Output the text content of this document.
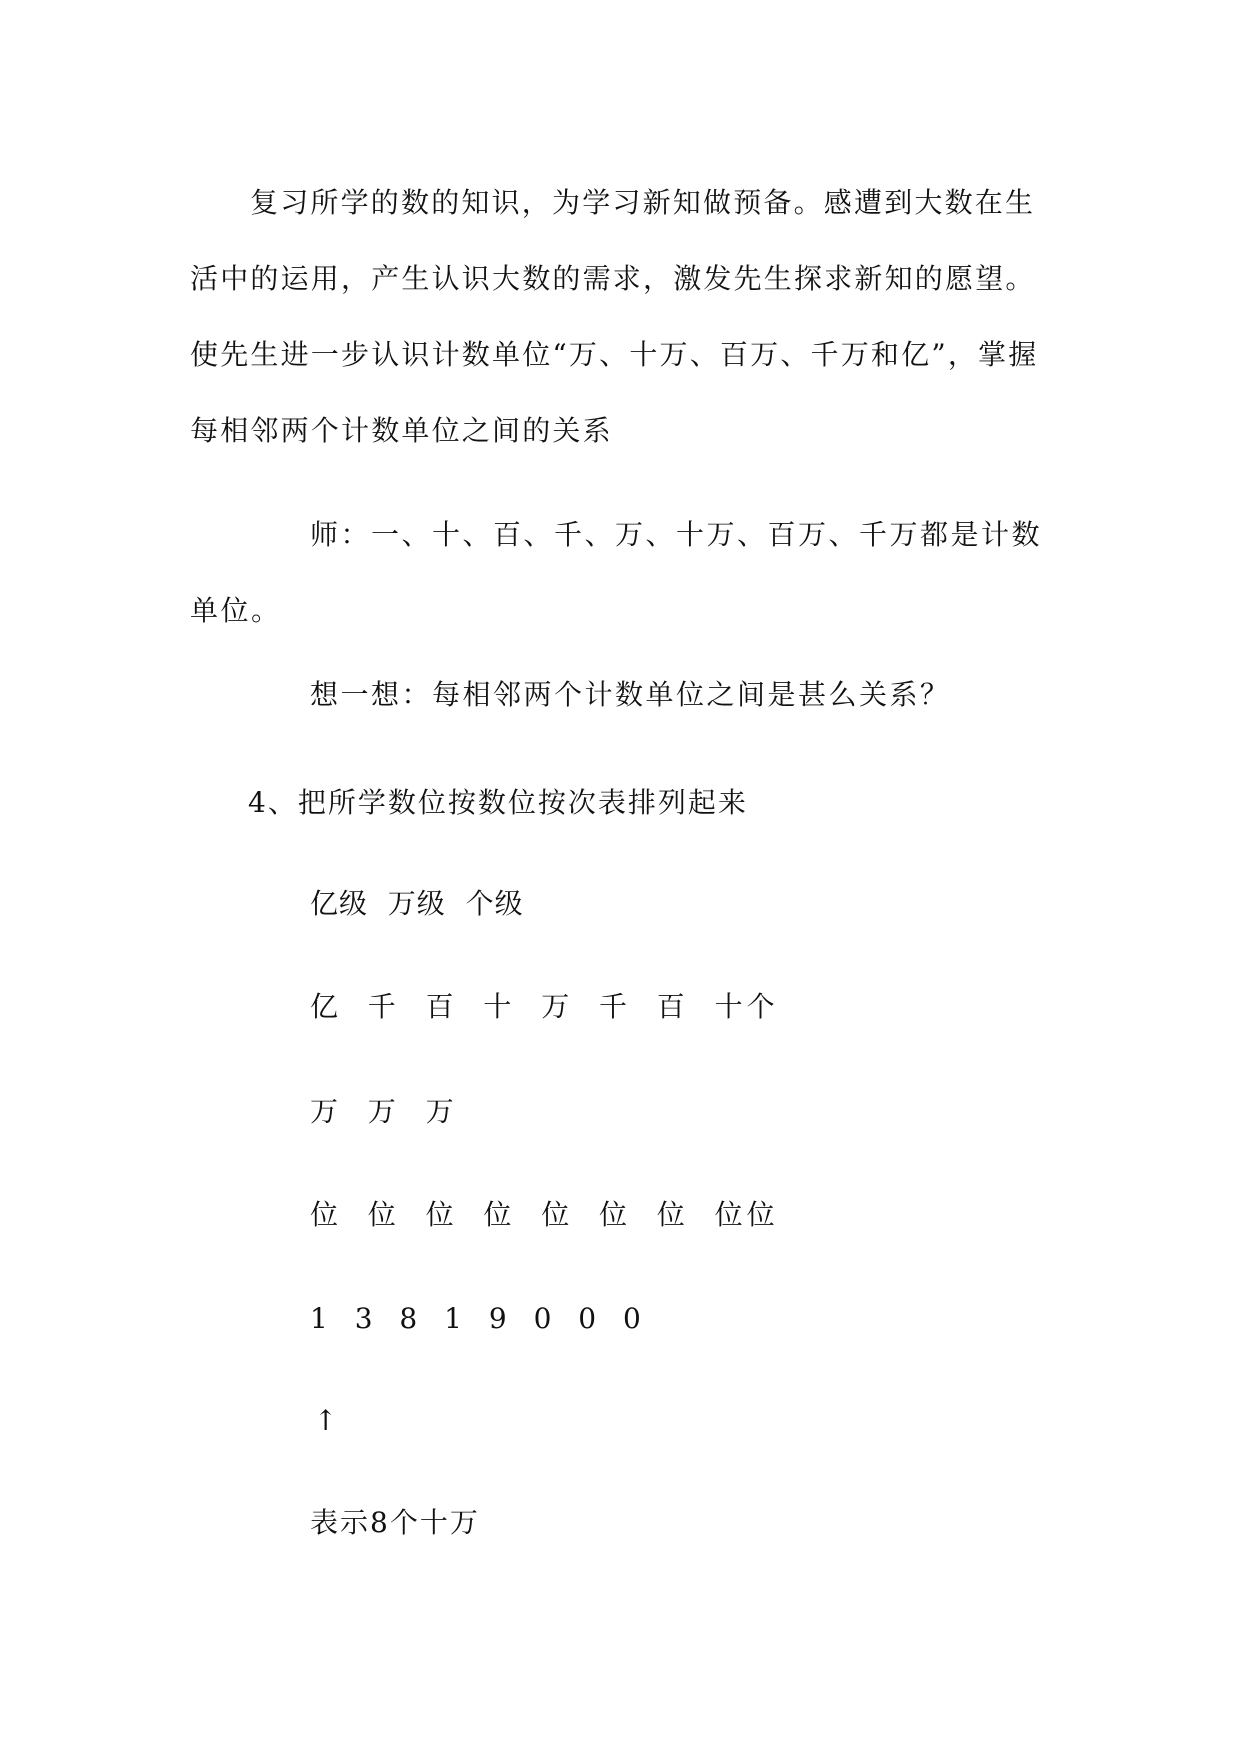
复习所学的数的知识，为学习新知做预备。感遭到大数在生活中的运用，产生认识大数的需求，激发先生探求新知的愿望。使先生进一步认识计数单位“万、十万、百万、千万和亿”，掌握每相邻两个计数单位之间的关系
师：一、十、百、千、万、十万、百万、千万都是计数单位。
想一想：每相邻两个计数单位之间是甚么关系？
4、把所学数位按数位按次表排列起来
亿级  万级  个级
亿  千  百  十  万  千  百  十个
万  万  万
位  位  位  位  位  位  位  位位
1 3 8 1 9 0 0 0
↑
表示8个十万
